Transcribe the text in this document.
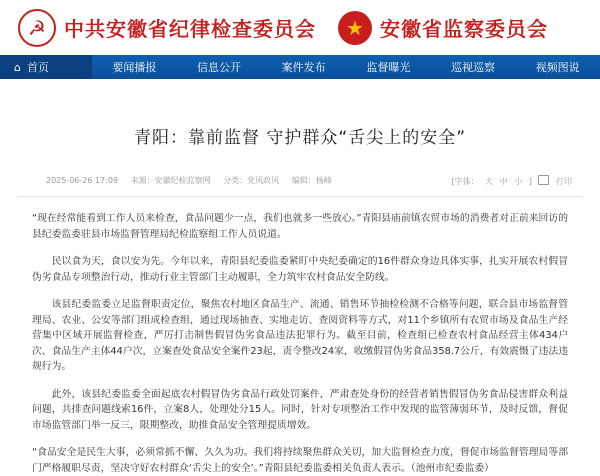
☭ 中共安徽省纪律检查委员会	★ 安徽省监察委员会
⌂ 首页	要闻播报	信息公开	案件发布	监督曝光	巡视巡察	视频图说
青阳：靠前监督 守护群众“舌尖上的安全”
2025-06-26 17:09 来源：安徽纪检监察网 分类：党风政风 编辑：杨峰	[字体： 大 中 小 ]	打印

“现在经常能看到工作人员来检查，食品问题少一点，我们也就多一些放心。”青阳县庙前镇农贸市场的消费者对正前来回访的县纪委监委驻县市场监督管理局纪检监察组工作人员说道。

民以食为天，食以安为先。今年以来，青阳县纪委监委紧盯中央纪委确定的16件群众身边具体实事，扎实开展农村假冒伪劣食品专项整治行动，推动行业主管部门主动履职，全力筑牢农村食品安全防线。

该县纪委监委立足监督职责定位，聚焦农村地区食品生产、流通、销售环节抽检检测不合格等问题，联合县市场监督管理局、农业、公安等部门组成检查组，通过现场抽查、实地走访、查阅资料等方式，对11个乡镇所有农贸市场及食品生产经营集中区域开展监督检查，严厉打击制售假冒伪劣食品违法犯罪行为。截至目前，检查组已检查农村食品经营主体434户次、食品生产主体44户次，立案查处食品安全案件23起，责令整改24家，收缴假冒伪劣食品358.7公斤，有效震慑了违法违规行为。

此外，该县纪委监委全面起底农村假冒伪劣食品行政处罚案件，严肃查处身份的经营者销售假冒伪劣食品侵害群众利益问题，共排查问题线索16件，立案8人，处理处分15人。同时，针对专项整治工作中发现的监管薄弱环节，及时反馈，督促市场监管部门举一反三，限期整改，助推食品安全管理提质增效。

“食品安全是民生大事，必须常抓不懈、久久为功。我们将持续聚焦群众关切，加大监督检查力度，督促市场监督管理局等部门严格履职尽责，坚决守好农村群众‘舌尖上的安全’。”青阳县纪委监委相关负责人表示。（池州市纪委监委）
